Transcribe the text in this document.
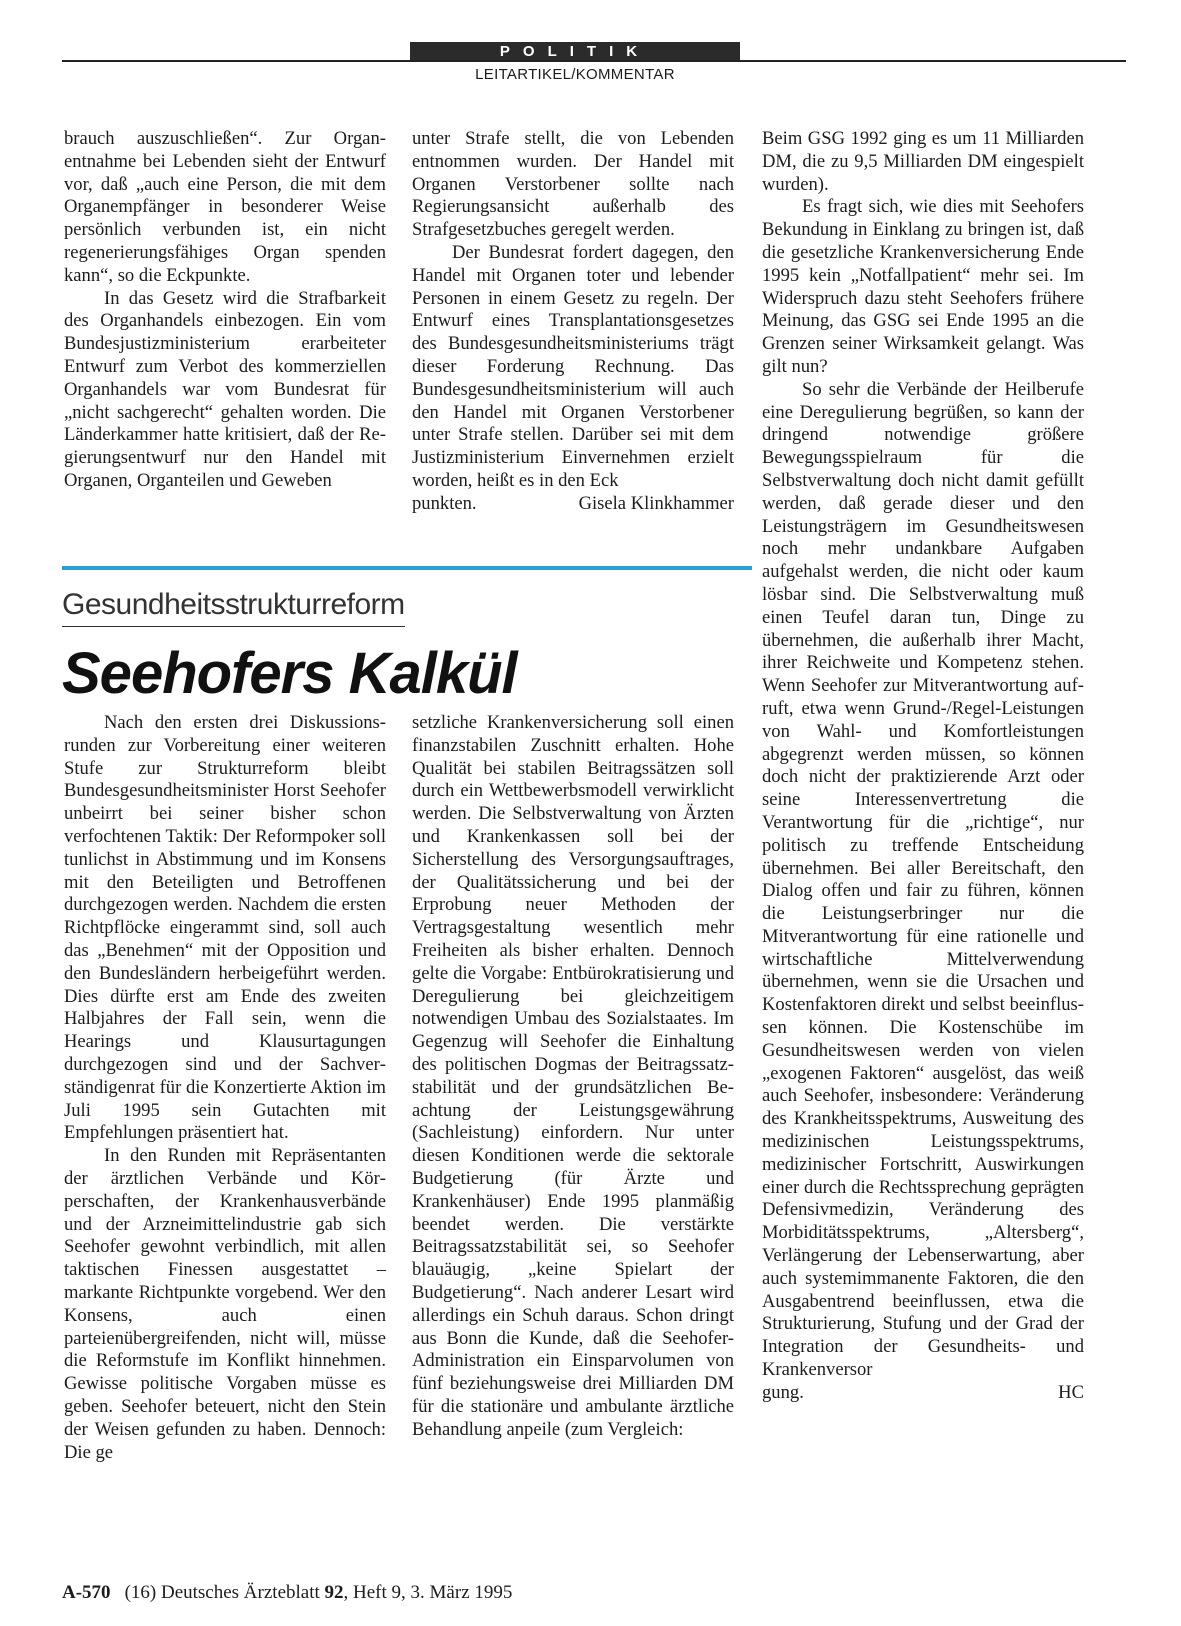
POLITIK
LEITARTIKEL/KOMMENTAR

brauch auszuschließen“. Zur Organentnahme bei Lebenden sieht der Entwurf vor, daß „auch eine Person, die mit dem Organempfänger in besonderer Weise persönlich verbunden ist, ein nicht regenerierungsfähiges Organ spenden kann“, so die Eckpunkte.

In das Gesetz wird die Strafbarkeit des Organhandels einbezogen. Ein vom Bundesjustizministerium erarbeiteter Entwurf zum Verbot des kommerziellen Organhandels war vom Bundesrat für „nicht sachgerecht“ gehalten worden. Die Länderkammer hatte kritisiert, daß der Regierungsentwurf nur den Handel mit Organen, Organteilen und Geweben

unter Strafe stellt, die von Lebenden entnommen wurden. Der Handel mit Organen Verstorbener sollte nach Regierungsansicht außerhalb des Strafgesetzbuches geregelt werden.

Der Bundesrat fordert dagegen, den Handel mit Organen toter und lebender Personen in einem Gesetz zu regeln. Der Entwurf eines Transplantationsgesetzes des Bundesgesundheitsministeriums trägt dieser Forderung Rechnung. Das Bundesgesundheitsministerium will auch den Handel mit Organen Verstorbener unter Strafe stellen. Darüber sei mit dem Justizministerium Einvernehmen erzielt worden, heißt es in den Eck

punkten.	Gisela Klinkhammer
Gesundheitsstrukturreform
Seehofers Kalkül

Nach den ersten drei Diskussionsrunden zur Vorbereitung einer weiteren Stufe zur Strukturreform bleibt Bundesgesundheitsminister Horst Seehofer unbeirrt bei seiner bisher schon verfochtenen Taktik: Der Reformpoker soll tunlichst in Abstimmung und im Konsens mit den Beteiligten und Betroffenen durchgezogen werden. Nachdem die ersten Richtpflöcke eingerammt sind, soll auch das „Benehmen“ mit der Opposition und den Bundesländern herbeigeführt werden. Dies dürfte erst am Ende des zweiten Halbjahres der Fall sein, wenn die Hearings und Klausurtagungen durchgezogen sind und der Sachverständigenrat für die Konzertierte Aktion im Juli 1995 sein Gutachten mit Empfehlungen präsentiert hat.

In den Runden mit Repräsentanten der ärztlichen Verbände und Körperschaften, der Krankenhausverbände und der Arzneimittelindustrie gab sich Seehofer gewohnt verbindlich, mit allen taktischen Finessen ausgestattet – markante Richtpunkte vorgebend. Wer den Konsens, auch einen parteienübergreifenden, nicht will, müsse die Reformstufe im Konflikt hinnehmen. Gewisse politische Vorgaben müsse es geben. Seehofer beteuert, nicht den Stein der Weisen gefunden zu haben. Dennoch: Die ge

setzliche Krankenversicherung soll einen finanzstabilen Zuschnitt erhalten. Hohe Qualität bei stabilen Beitragssätzen soll durch ein Wettbewerbsmodell verwirklicht werden. Die Selbstverwaltung von Ärzten und Krankenkassen soll bei der Sicherstellung des Versorgungsauftrages, der Qualitätssicherung und bei der Erprobung neuer Methoden der Vertragsgestaltung wesentlich mehr Freiheiten als bisher erhalten. Dennoch gelte die Vorgabe: Entbürokratisierung und Deregulierung bei gleichzeitigem notwendigen Umbau des Sozialstaates. Im Gegenzug will Seehofer die Einhaltung des politischen Dogmas der Beitragssatzstabilität und der grundsätzlichen Beachtung der Leistungsgewährung (Sachleistung) einfordern. Nur unter diesen Konditionen werde die sektorale Budgetierung (für Ärzte und Krankenhäuser) Ende 1995 planmäßig beendet werden. Die verstärkte Beitragssatzstabilität sei, so Seehofer blauäugig, „keine Spielart der Budgetierung“. Nach anderer Lesart wird allerdings ein Schuh daraus. Schon dringt aus Bonn die Kunde, daß die Seehofer-Administration ein Einsparvolumen von fünf beziehungsweise drei Milliarden DM für die stationäre und ambulante ärztliche Behandlung anpeile (zum Vergleich:

Beim GSG 1992 ging es um 11 Milliarden DM, die zu 9,5 Milliarden DM eingespielt wurden).

Es fragt sich, wie dies mit Seehofers Bekundung in Einklang zu bringen ist, daß die gesetzliche Krankenversicherung Ende 1995 kein „Notfallpatient“ mehr sei. Im Widerspruch dazu steht Seehofers frühere Meinung, das GSG sei Ende 1995 an die Grenzen seiner Wirksamkeit gelangt. Was gilt nun?

So sehr die Verbände der Heilberufe eine Deregulierung begrüßen, so kann der dringend notwendige größere Bewegungsspielraum für die Selbstverwaltung doch nicht damit gefüllt werden, daß gerade dieser und den Leistungsträgern im Gesundheitswesen noch mehr undankbare Aufgaben aufgehalst werden, die nicht oder kaum lösbar sind. Die Selbstverwaltung muß einen Teufel daran tun, Dinge zu übernehmen, die außerhalb ihrer Macht, ihrer Reichweite und Kompetenz stehen. Wenn Seehofer zur Mitverantwortung aufruft, etwa wenn Grund-/Regel-Leistungen von Wahl- und Komfortleistungen abgegrenzt werden müssen, so können doch nicht der praktizierende Arzt oder seine Interessenvertretung die Verantwortung für die „richtige“, nur politisch zu treffende Entscheidung übernehmen. Bei aller Bereitschaft, den Dialog offen und fair zu führen, können die Leistungserbringer nur die Mitverantwortung für eine rationelle und wirtschaftliche Mittelverwendung übernehmen, wenn sie die Ursachen und Kostenfaktoren direkt und selbst beeinflussen können. Die Kostenschübe im Gesundheitswesen werden von vielen „exogenen Faktoren“ ausgelöst, das weiß auch Seehofer, insbesondere: Veränderung des Krankheitsspektrums, Ausweitung des medizinischen Leistungsspektrums, medizinischer Fortschritt, Auswirkungen einer durch die Rechtssprechung geprägten Defensivmedizin, Veränderung des Morbiditätsspektrums, „Altersberg“, Verlängerung der Lebenserwartung, aber auch systemimmanente Faktoren, die den Ausgabentrend beeinflussen, etwa die Strukturierung, Stufung und der Grad der Integration der Gesundheits- und Krankenversor

gung.	HC
A-570 (16) Deutsches Ärzteblatt 92, Heft 9, 3. März 1995
